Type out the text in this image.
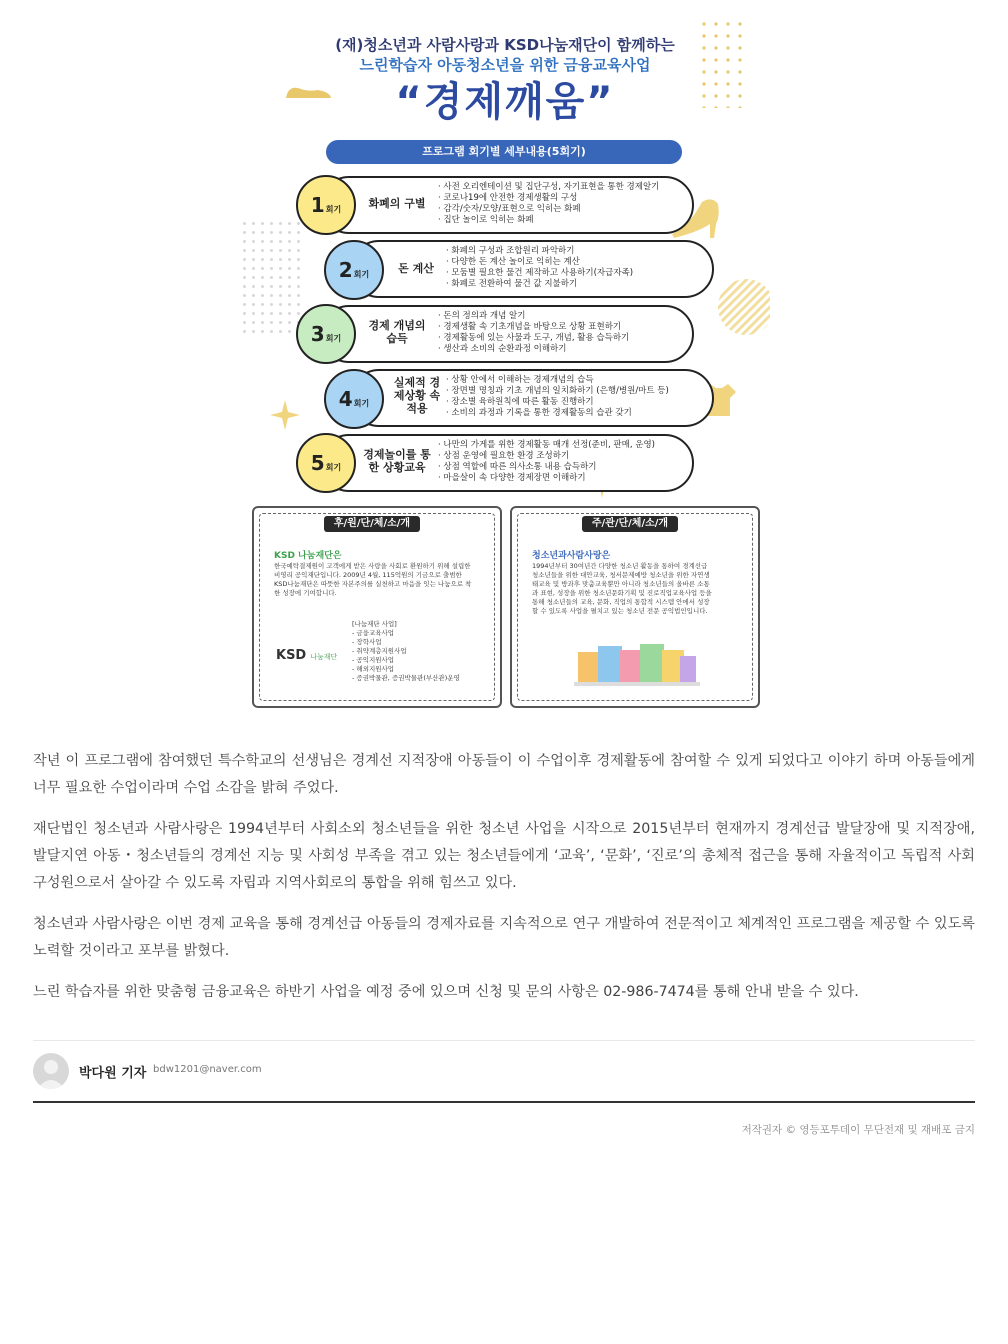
(재)청소년과 사람사랑과 KSD나눔재단이 함께하는
느린학습자 아동청소년을 위한 금융교육사업
“경제깨움”
프로그램 회기별 세부내용(5회기)
1 회기	화폐의 구별
· 사전 오리엔테이션 및 집단구성, 자기표현을 통한 경제알기
· 코로나19에 안전한 경제생활의 구성
· 감각/숫자/모양/표현으로 익히는 화폐
· 집단 놀이로 익히는 화폐
2 회기	돈 계산
· 화폐의 구성과 조합원리 파악하기
· 다양한 돈 계산 놀이로 익히는 계산
· 모둠별 필요한 물건 제작하고 사용하기(자급자족)
· 화폐로 전환하여 물건 값 지불하기
3 회기
경제 개념의 습득
· 돈의 정의과 개념 알기
· 경제생활 속 기초개념을 바탕으로 상황 표현하기
· 경제활동에 있는 사물과 도구, 개념, 활용 습득하기
· 생산과 소비의 순환과정 이해하기
4 회기
실제적 경제상황 속 적용
· 상황 안에서 이해하는 경제개념의 습득
· 장면별 명칭과 기초 개념의 일치화하기 (은행/병원/마트 등)
· 장소별 육하원칙에 따른 활동 진행하기
· 소비의 과정과 기록을 통한 경제활동의 습관 갖기
5 회기
경제놀이를 통한 상황교육
· 나만의 가게를 위한 경제활동 매개 선정(준비, 판매, 운영)
· 상점 운영에 필요한 환경 조성하기
· 상점 역할에 따른 의사소통 내용 습득하기
· 마을살이 속 다양한 경제장면 이해하기
후/원/단/체/소/개
KSD 나눔재단은
한국예탁결제원이 고객에게 받은 사랑을 사회로 환원하기 위해 설립한 비영리 공익재단입니다. 2009년 4월, 115억원의 기금으로 출범한 KSD나눔재단은 따뜻한 자본주의를 실천하고 마음을 잇는 나눔으로 착한 성장에 기여합니다.
KSD 나눔재단
[나눔재단 사업]
- 금융교육사업
- 장학사업
- 취약계층지원사업
- 공익지원사업
- 해외지원사업
- 증권박물관, 증권박물관(부산관)운영
주/관/단/체/소/개
청소년과사람사랑은
1994년부터 30여년간 다양한 청소년 활동을 통하여 경계선급 청소년들을 위한 대안교육, 청서문제예방 청소년을 위한 자연생태교육 및 방과후 맞춤교육뿐만 아니라 청소년들의 올바른 소통과 표현, 성장을 위한 청소년문화기획 및 진로직업교육사업 등을 통해 청소년들의 교육, 문화, 직업의 통합적 시스템 안에서 성장할 수 있도록 사업을 펼치고 있는 청소년 전문 공익법인입니다.

작년 이 프로그램에 참여했던 특수학교의 선생님은 경계선 지적장애 아동들이 이 수업이후 경제활동에 참여할 수 있게 되었다고 이야기 하며 아동들에게 너무 필요한 수업이라며 수업 소감을 밝혀 주었다.

재단법인 청소년과 사람사랑은 1994년부터 사회소외 청소년들을 위한 청소년 사업을 시작으로 2015년부터 현재까지 경계선급 발달장애 및 지적장애, 발달지연 아동・청소년들의 경계선 지능 및 사회성 부족을 겪고 있는 청소년들에게 ‘교육’, ‘문화’, ‘진로’의 총체적 접근을 통해 자율적이고 독립적 사회 구성원으로서 살아갈 수 있도록 자립과 지역사회로의 통합을 위해 힘쓰고 있다.

청소년과 사람사랑은 이번 경제 교육을 통해 경계선급 아동들의 경제자료를 지속적으로 연구 개발하여 전문적이고 체계적인 프로그램을 제공할 수 있도록 노력할 것이라고 포부를 밝혔다.

느린 학습자를 위한 맞춤형 금융교육은 하반기 사업을 예정 중에 있으며 신청 및 문의 사항은 02-986-7474를 통해 안내 받을 수 있다.

박다원 기자 bdw1201@naver.com
저작권자 © 영등포투데이 무단전재 및 재배포 금지
